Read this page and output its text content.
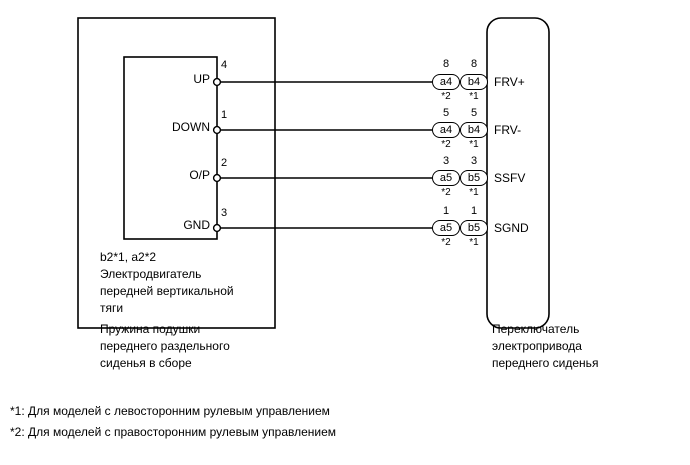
UP
4
DOWN
1
O/P
2
GND
3
b2*1, a2*2
Электродвигатель
передней вертикальной
тяги
Пружина подушки
переднего раздельного
сиденья в сборе
8	8
a4	b4
*2	*1
FRV+
5	5
a4	b4
*2	*1
FRV-
3	3
a5	b5
*2	*1
SSFV
1	1
a5	b5
*2	*1
SGND
Переключатель
электропривода
переднего сиденья
*1: Для моделей с левосторонним рулевым управлением
*2: Для моделей с правосторонним рулевым управлением
